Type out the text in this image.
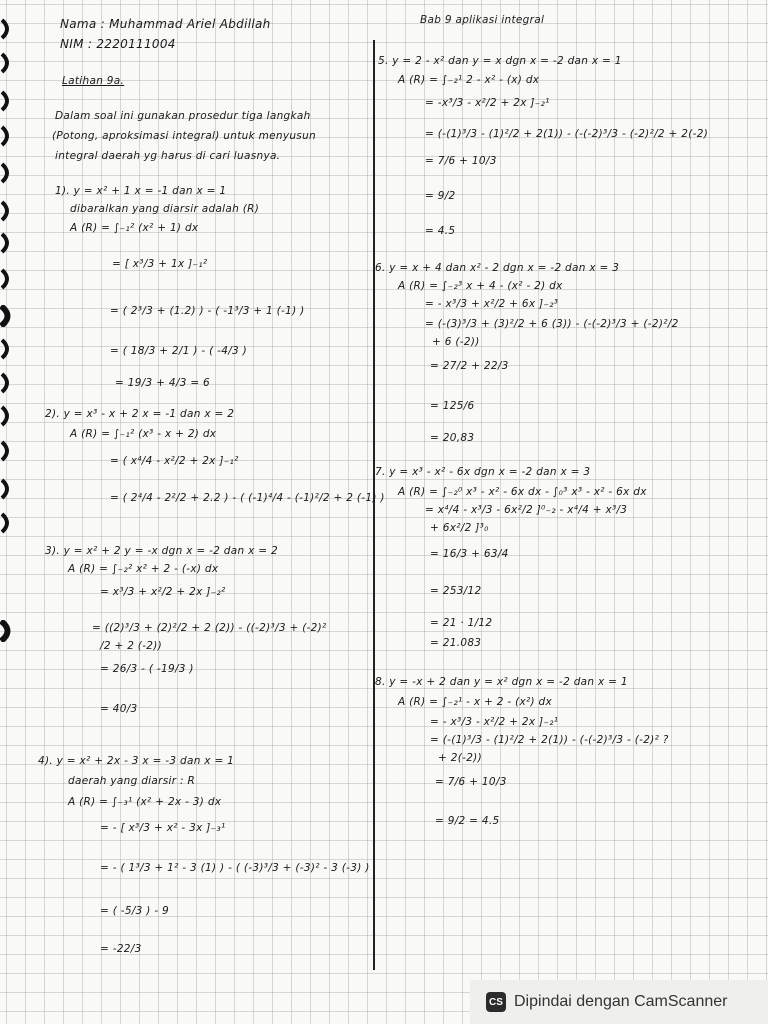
Nama : Muhammad Ariel Abdillah
NIM : 2220111004
Bab 9 aplikasi integral
Latihan 9a.
Dalam soal ini gunakan prosedur tiga langkah
(Potong, aproksimasi integral) untuk menyusun
integral daerah yg harus di cari luasnya.
1). y = x² + 1 x = -1 dan x = 1
dibaralkan yang diarsir adalah (R)
A (R) = ∫₋₁² (x² + 1) dx
= [ x³/3 + 1x ]₋₁²
= ( 2³/3 + (1.2) ) - ( -1³/3 + 1 (-1) )
= ( 18/3 + 2/1 ) - ( -4/3 )
= 19/3 + 4/3 = 6
2). y = x³ - x + 2 x = -1 dan x = 2
A (R) = ∫₋₁² (x³ - x + 2) dx
= ( x⁴/4 - x²/2 + 2x ]₋₁²
= ( 2⁴/4 - 2²/2 + 2.2 ) - ( (-1)⁴/4 - (-1)²/2 + 2 (-1) )
3). y = x² + 2 y = -x dgn x = -2 dan x = 2
A (R) = ∫₋₂² x² + 2 - (-x) dx
= x³/3 + x²/2 + 2x ]₋₂²
= ((2)³/3 + (2)²/2 + 2 (2)) - ((-2)³/3 + (-2)²
/2 + 2 (-2))
= 26/3 - ( -19/3 )
= 40/3
4). y = x² + 2x - 3 x = -3 dan x = 1
daerah yang diarsir : R
A (R) = ∫₋₃¹ (x² + 2x - 3) dx
= - [ x³/3 + x² - 3x ]₋₃¹
= - ( 1³/3 + 1² - 3 (1) ) - ( (-3)³/3 + (-3)² - 3 (-3) )
= ( -5/3 ) - 9
= -22/3
5. y = 2 - x² dan y = x dgn x = -2 dan x = 1
A (R) = ∫₋₂¹ 2 - x² - (x) dx
= -x³/3 - x²/2 + 2x ]₋₂¹
= (-(1)³/3 - (1)²/2 + 2(1)) - (-(-2)³/3 - (-2)²/2 + 2(-2)
= 7/6 + 10/3
= 9/2
= 4.5
6. y = x + 4 dan x² - 2 dgn x = -2 dan x = 3
A (R) = ∫₋₂³ x + 4 - (x² - 2) dx
= - x³/3 + x²/2 + 6x ]₋₂³
= (-(3)³/3 + (3)²/2 + 6 (3)) - (-(-2)³/3 + (-2)²/2
+ 6 (-2))
= 27/2 + 22/3
= 125/6
= 20,83
7. y = x³ - x² - 6x dgn x = -2 dan x = 3
A (R) = ∫₋₂⁰ x³ - x² - 6x dx - ∫₀³ x³ - x² - 6x dx
= x⁴/4 - x³/3 - 6x²/2 ]⁰₋₂ - x⁴/4 + x³/3
+ 6x²/2 ]³₀
= 16/3 + 63/4
= 253/12
= 21 · 1/12
= 21.083
8. y = -x + 2 dan y = x² dgn x = -2 dan x = 1
A (R) = ∫₋₂¹ - x + 2 - (x²) dx
= - x³/3 - x²/2 + 2x ]₋₂¹
= (-(1)³/3 - (1)²/2 + 2(1)) - (-(-2)³/3 - (-2)² ?
+ 2(-2))
= 7/6 + 10/3
= 9/2 = 4.5
CS Dipindai dengan CamScanner
